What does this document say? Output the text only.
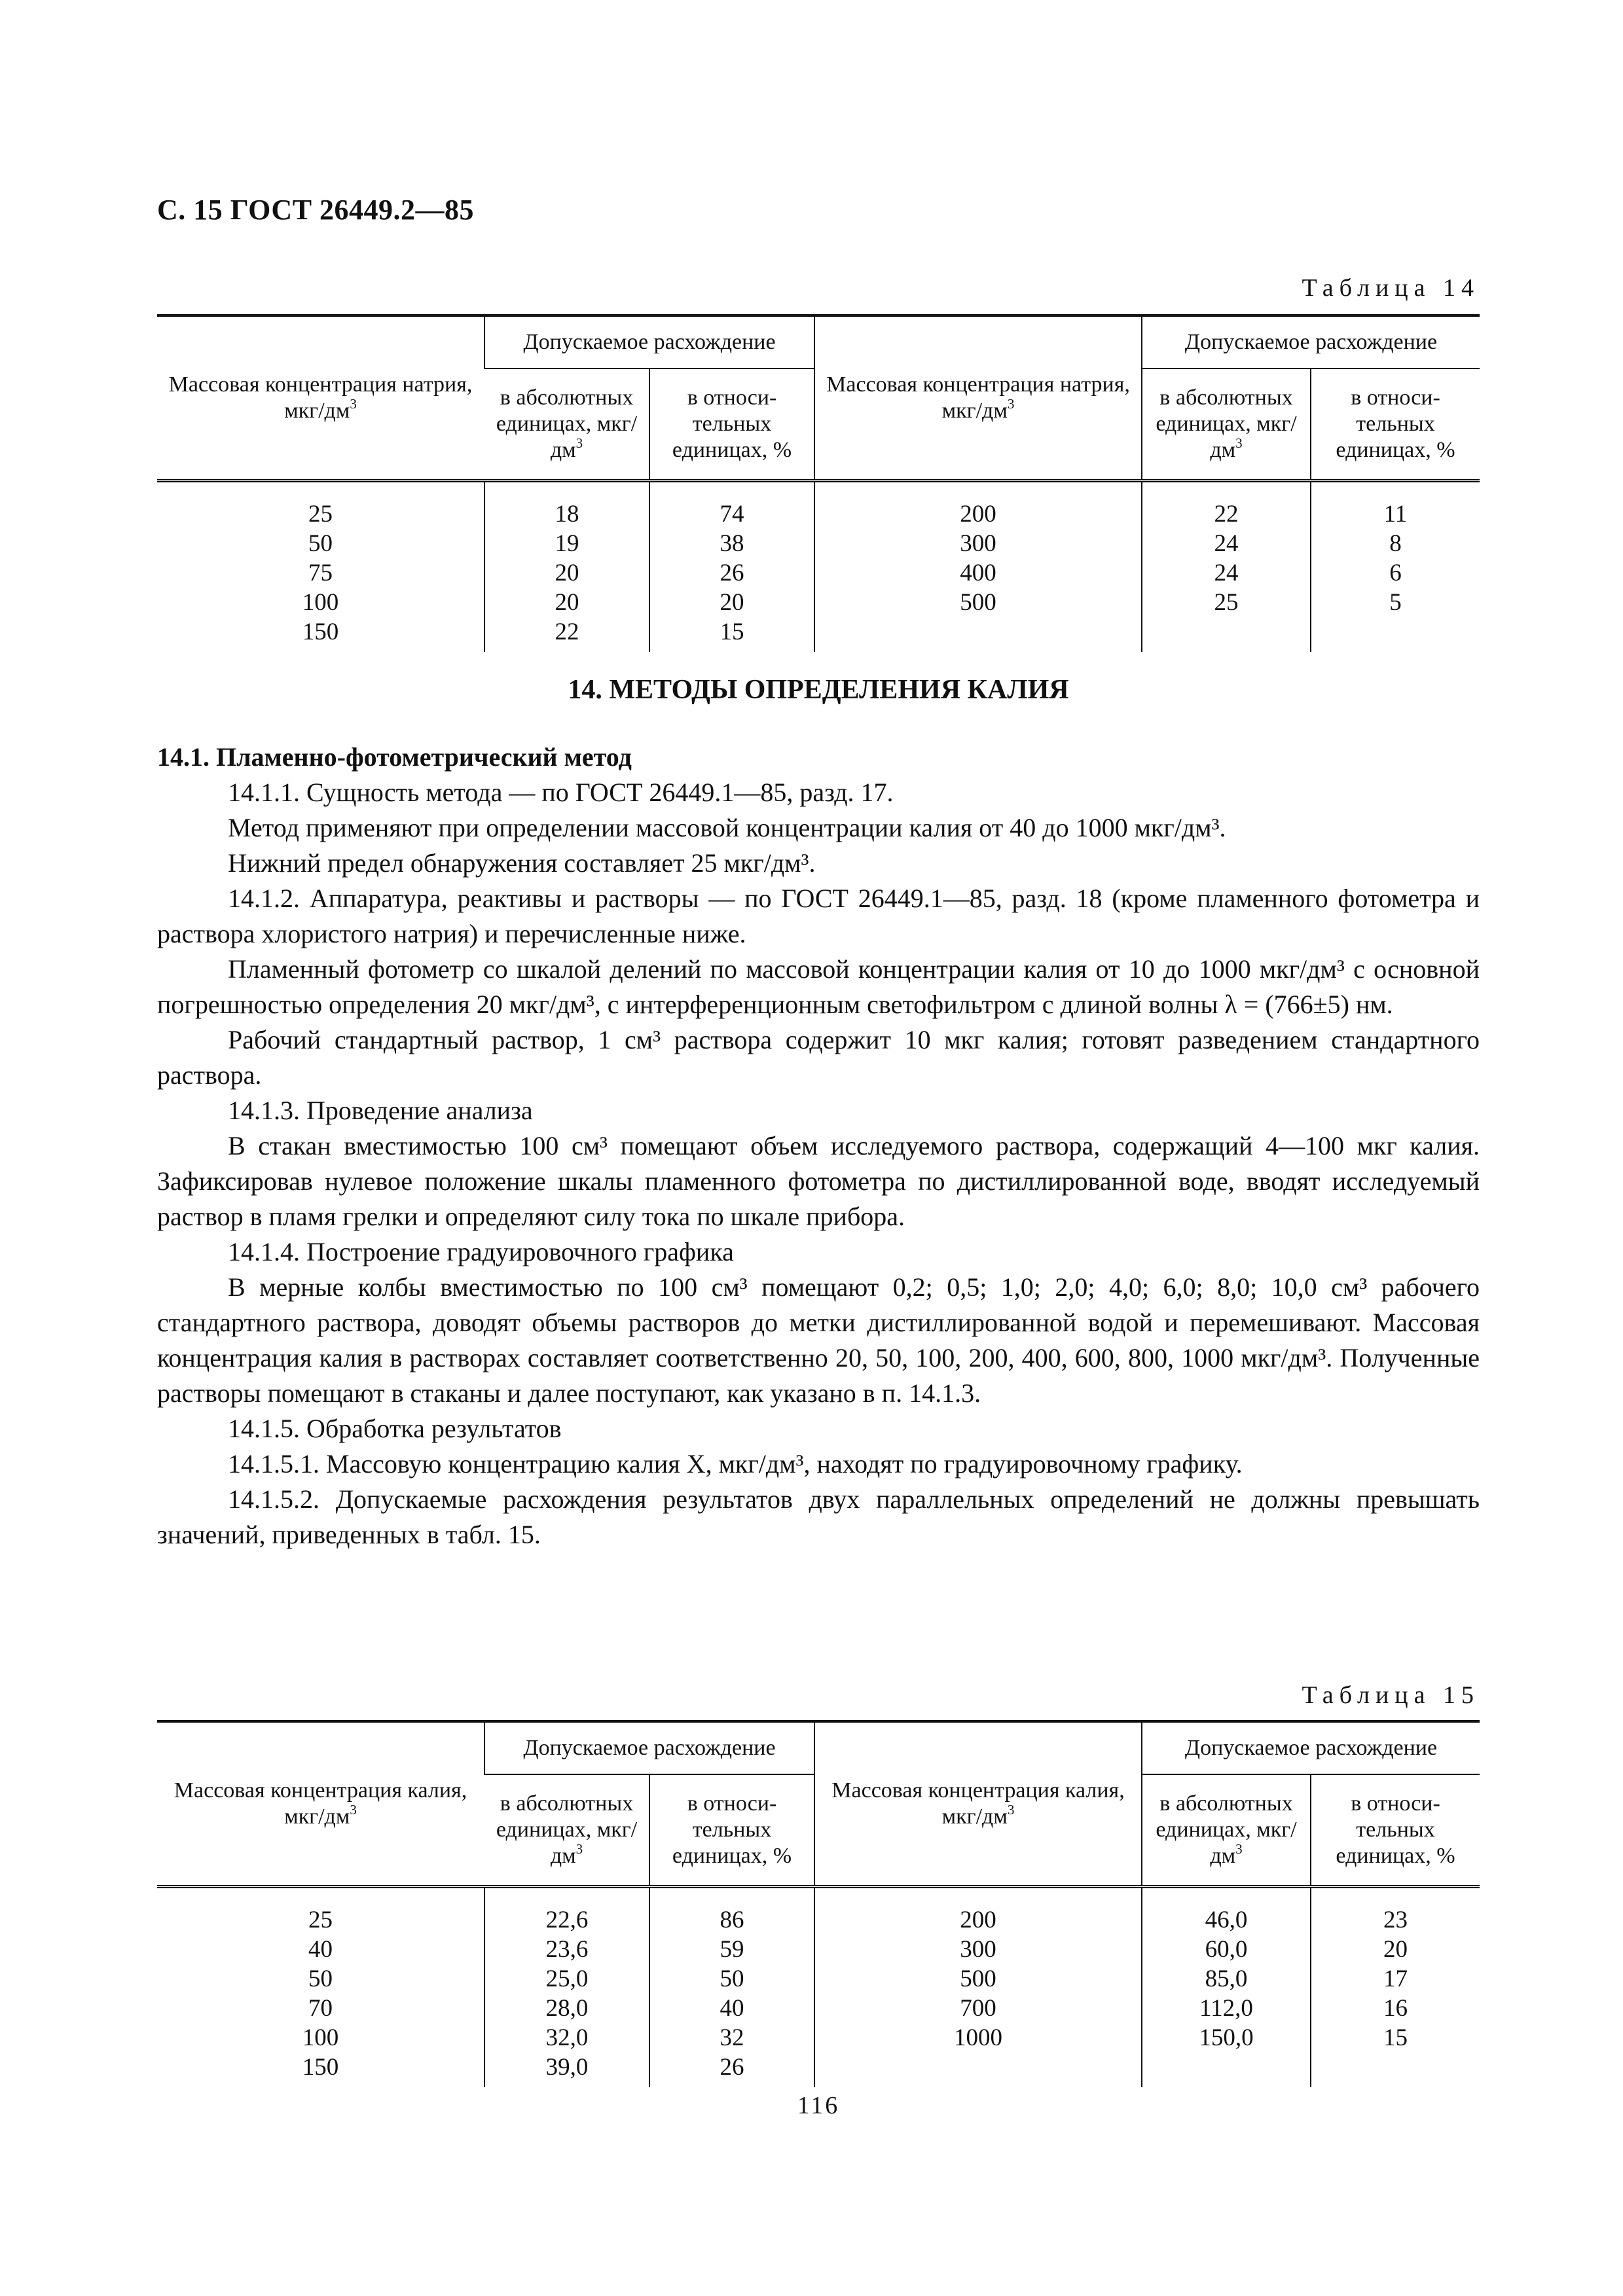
С. 15 ГОСТ 26449.2—85
Таблица 14
Массовая концентрация натрия, мкг/$дм^3$	Допускаемое расхождение		Массовая концентрация натрия, мкг/$дм^3$	Допускаемое расхождение	
	в абсолютных единицах, мкг/$дм^3$	в относи- тельных единицах, %		в абсолютных единицах, мкг/$дм^3$	в относи- тельных единицах, %
25	18	74	200	22	11
50	19	38	300	24	8
75	20	26	400	24	6
100	20	20	500	25	5
150	22	15			
14. МЕТОДЫ ОПРЕДЕЛЕНИЯ КАЛИЯ

14.1. Пламенно-фотометрический метод

14.1.1. Сущность метода — по ГОСТ 26449.1—85, разд. 17.

Метод применяют при определении массовой концентрации калия от 40 до 1000 мкг/дм³.

Нижний предел обнаружения составляет 25 мкг/дм³.

14.1.2. Аппаратура, реактивы и растворы — по ГОСТ 26449.1—85, разд. 18 (кроме пламенного фотометра и раствора хлористого натрия) и перечисленные ниже.

Пламенный фотометр со шкалой делений по массовой концентрации калия от 10 до 1000 мкг/дм³ с основной погрешностью определения 20 мкг/дм³, с интерференционным светофильтром с длиной волны λ = (766±5) нм.

Рабочий стандартный раствор, 1 см³ раствора содержит 10 мкг калия; готовят разведением стандартного раствора.

14.1.3. Проведение анализа

В стакан вместимостью 100 см³ помещают объем исследуемого раствора, содержащий 4—100 мкг калия. Зафиксировав нулевое положение шкалы пламенного фотометра по дистиллированной воде, вводят исследуемый раствор в пламя грелки и определяют силу тока по шкале прибора.

14.1.4. Построение градуировочного графика

В мерные колбы вместимостью по 100 см³ помещают 0,2; 0,5; 1,0; 2,0; 4,0; 6,0; 8,0; 10,0 см³ рабочего стандартного раствора, доводят объемы растворов до метки дистиллированной водой и перемешивают. Массовая концентрация калия в растворах составляет соответственно 20, 50, 100, 200, 400, 600, 800, 1000 мкг/дм³. Полученные растворы помещают в стаканы и далее поступают, как указано в п. 14.1.3.

14.1.5. Обработка результатов

14.1.5.1. Массовую концентрацию калия X, мкг/дм³, находят по градуировочному графику.

14.1.5.2. Допускаемые расхождения результатов двух параллельных определений не должны превышать значений, приведенных в табл. 15.

Таблица 15
Массовая концентрация калия, мкг/$дм^3$	Допускаемое расхождение		Массовая концентрация калия, мкг/$дм^3$	Допускаемое расхождение	
	в абсолютных единицах, мкг/$дм^3$	в относи- тельных единицах, %		в абсолютных единицах, мкг/$дм^3$	в относи- тельных единицах, %
25	22,6	86	200	46,0	23
40	23,6	59	300	60,0	20
50	25,0	50	500	85,0	17
70	28,0	40	700	112,0	16
100	32,0	32	1000	150,0	15
150	39,0	26			
116
